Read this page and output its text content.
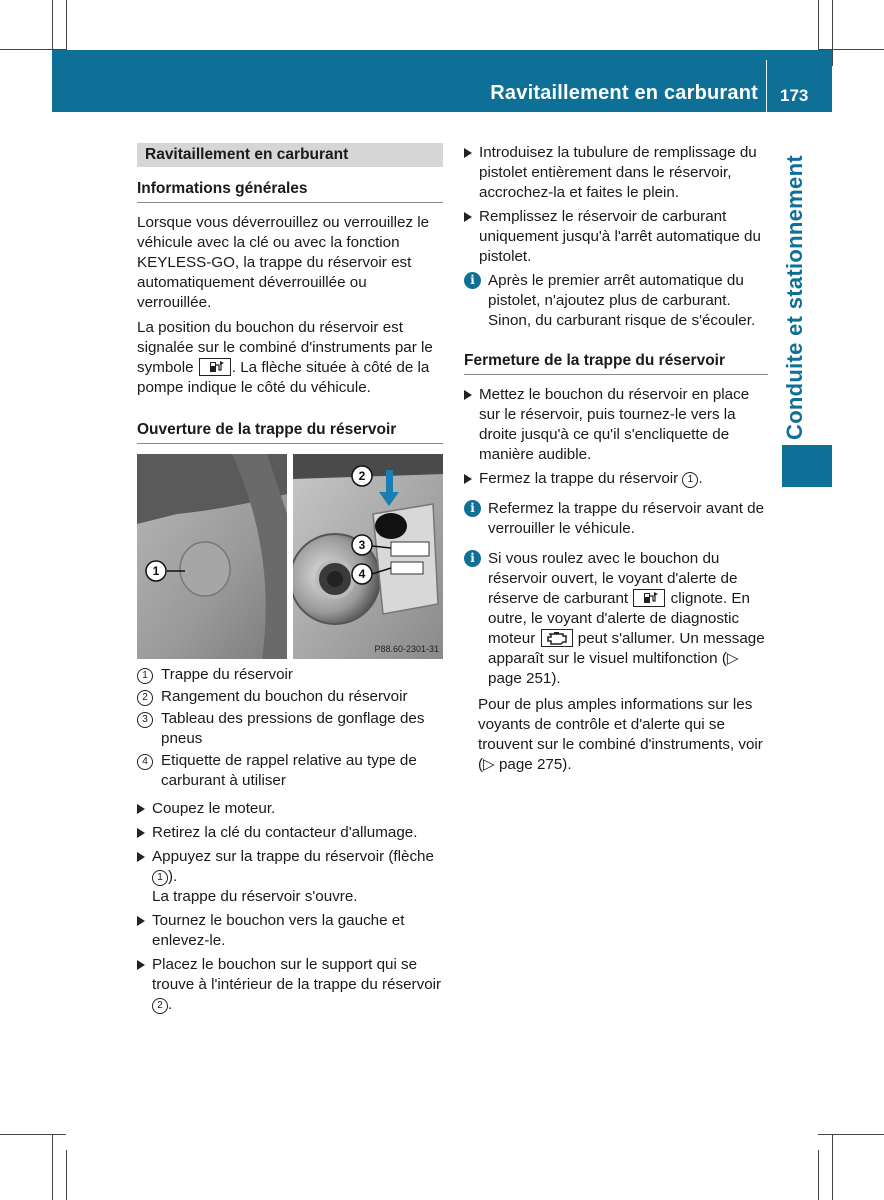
Ravitaillement en carburant 173
Conduite et stationnement
Ravitaillement en carburant
Informations générales

Lorsque vous déverrouillez ou verrouillez le véhicule avec la clé ou avec la fonction KEYLESS-GO, la trappe du réservoir est automatiquement déverrouillée ou verrouillée.

La position du bouchon du réservoir est signalée sur le combiné d'instruments par le symbole	. La flèche située à côté de la pompe indique le côté du véhicule.

Ouverture de la trappe du réservoir
1
2
3
4
P88.60-2301-31
1 Trappe du réservoir
2 Rangement du bouchon du réservoir
3 Tableau des pressions de gonflage des pneus
4 Etiquette de rappel relative au type de carburant à utiliser
Coupez le moteur.
Retirez la clé du contacteur d'allumage.
Appuyez sur la trappe du réservoir (flèche 1 ).
La trappe du réservoir s'ouvre.
Tournez le bouchon vers la gauche et enlevez-le.
Placez le bouchon sur le support qui se trouve à l'intérieur de la trappe du réservoir 2 .
Introduisez la tubulure de remplissage du pistolet entièrement dans le réservoir, accrochez-la et faites le plein.
Remplissez le réservoir de carburant uniquement jusqu'à l'arrêt automatique du pistolet.
i Après le premier arrêt automatique du pistolet, n'ajoutez plus de carburant. Sinon, du carburant risque de s'écouler.
Fermeture de la trappe du réservoir
Mettez le bouchon du réservoir en place sur le réservoir, puis tournez-le vers la droite jusqu'à ce qu'il s'encliquette de manière audible.
Fermez la trappe du réservoir 1 .
i Refermez la trappe du réservoir avant de verrouiller le véhicule.
i Si vous roulez avec le bouchon du réservoir ouvert, le voyant d'alerte de réserve de carburant	clignote. En outre, le voyant d'alerte de diagnostic moteur	peut s'allumer. Un message apparaît sur le visuel multifonction (▷ page 251).
Pour de plus amples informations sur les voyants de contrôle et d'alerte qui se trouvent sur le combiné d'instruments, voir (▷ page 275).
